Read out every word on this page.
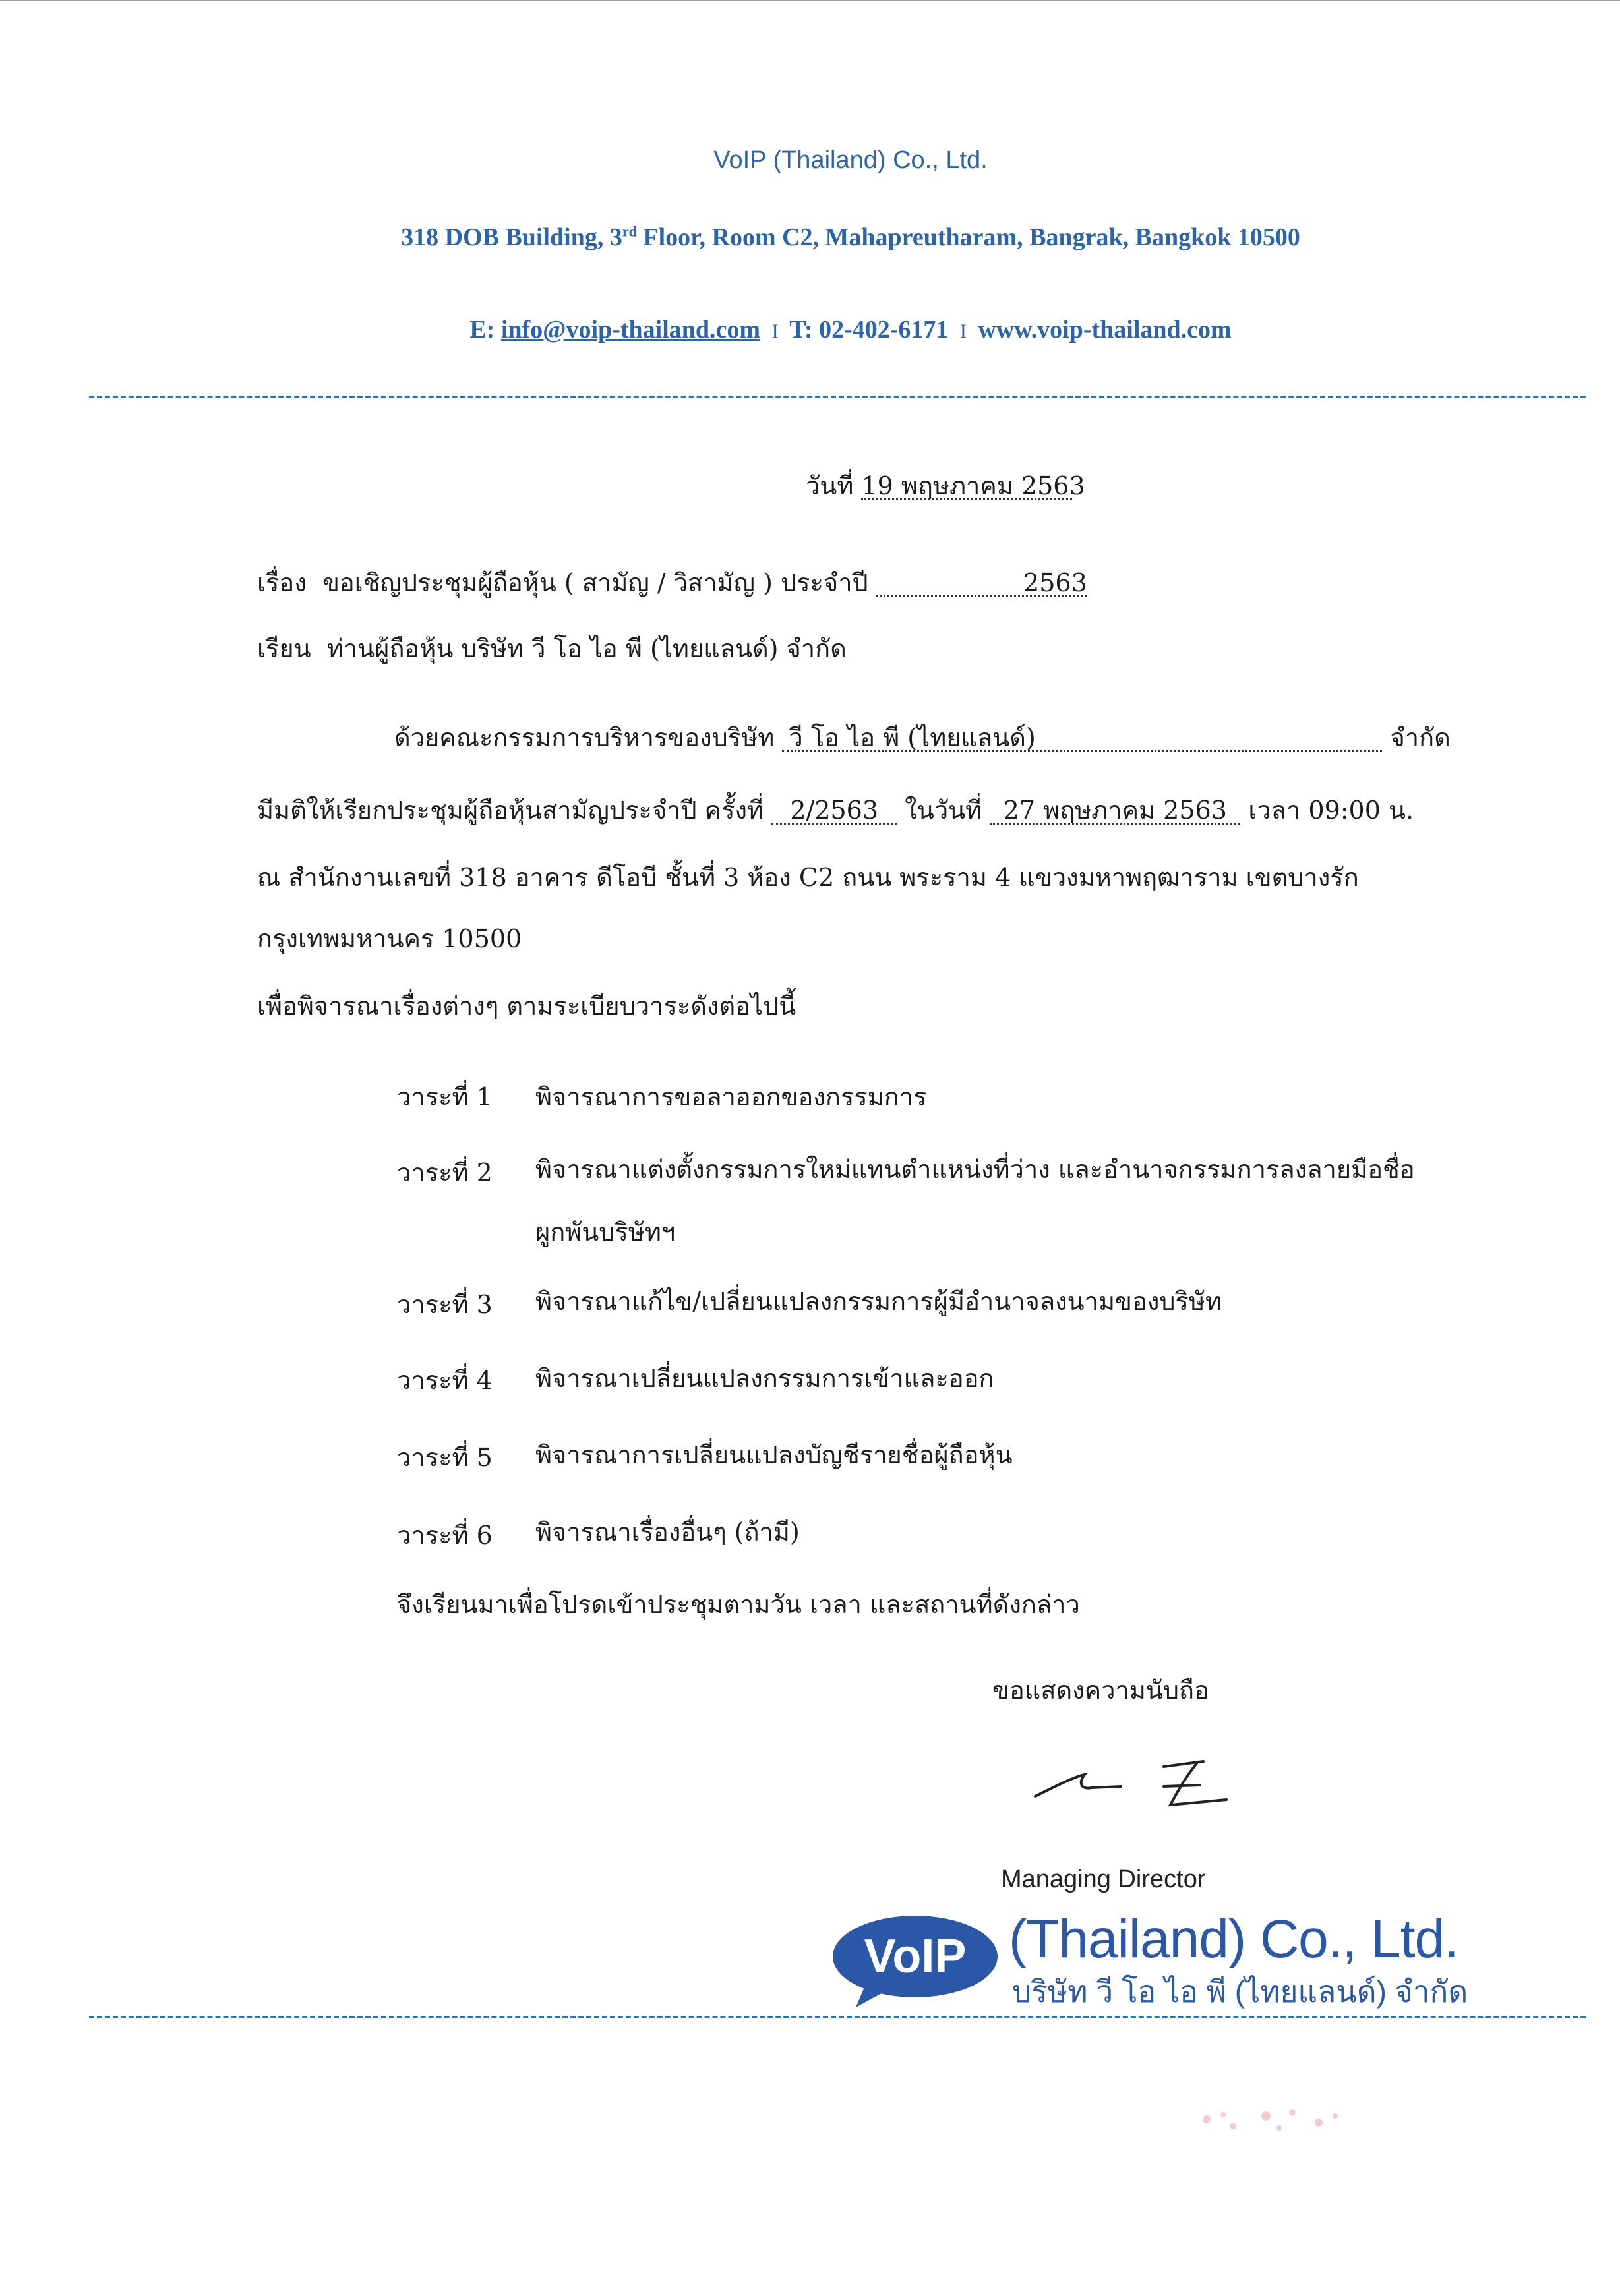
VoIP (Thailand) Co., Ltd.
318 DOB Building, 3rd Floor, Room C2, Mahapreutharam, Bangrak, Bangkok 10500
E: info@voip-thailand.com I T: 02-402-6171 I www.voip-thailand.com
วันที่ 19 พฤษภาคม 2563
เรื่อง ขอเชิญประชุมผู้ถือหุ้น ( สามัญ / วิสามัญ ) ประจำปี	2563
เรียน ท่านผู้ถือหุ้น บริษัท วี โอ ไอ พี (ไทยแลนด์) จำกัด
ด้วยคณะกรรมการบริหารของบริษัท วี โอ ไอ พี (ไทยแลนด์)	จำกัด
มีมติให้เรียกประชุมผู้ถือหุ้นสามัญประจำปี ครั้งที่ 2/2563 ในวันที่ 27 พฤษภาคม 2563 เวลา 09:00 น.
ณ สำนักงานเลขที่ 318 อาคาร ดีโอบี ชั้นที่ 3 ห้อง C2 ถนน พระราม 4 แขวงมหาพฤฒาราม เขตบางรัก
กรุงเทพมหานคร 10500
เพื่อพิจารณาเรื่องต่างๆ ตามระเบียบวาระดังต่อไปนี้
วาระที่ 1 พิจารณาการขอลาออกของกรรมการ
วาระที่ 2 พิจารณาแต่งตั้งกรรมการใหม่แทนตำแหน่งที่ว่าง และอำนาจกรรมการลงลายมือชื่อ
ผูกพันบริษัทฯ
วาระที่ 3 พิจารณาแก้ไข/เปลี่ยนแปลงกรรมการผู้มีอำนาจลงนามของบริษัท
วาระที่ 4 พิจารณาเปลี่ยนแปลงกรรมการเข้าและออก
วาระที่ 5 พิจารณาการเปลี่ยนแปลงบัญชีรายชื่อผู้ถือหุ้น
วาระที่ 6 พิจารณาเรื่องอื่นๆ (ถ้ามี)
จึงเรียนมาเพื่อโปรดเข้าประชุมตามวัน เวลา และสถานที่ดังกล่าว
ขอแสดงความนับถือ
Managing Director
VoIP (Thailand) Co., Ltd.
บริษัท วี โอ ไอ พี (ไทยแลนด์) จำกัด
